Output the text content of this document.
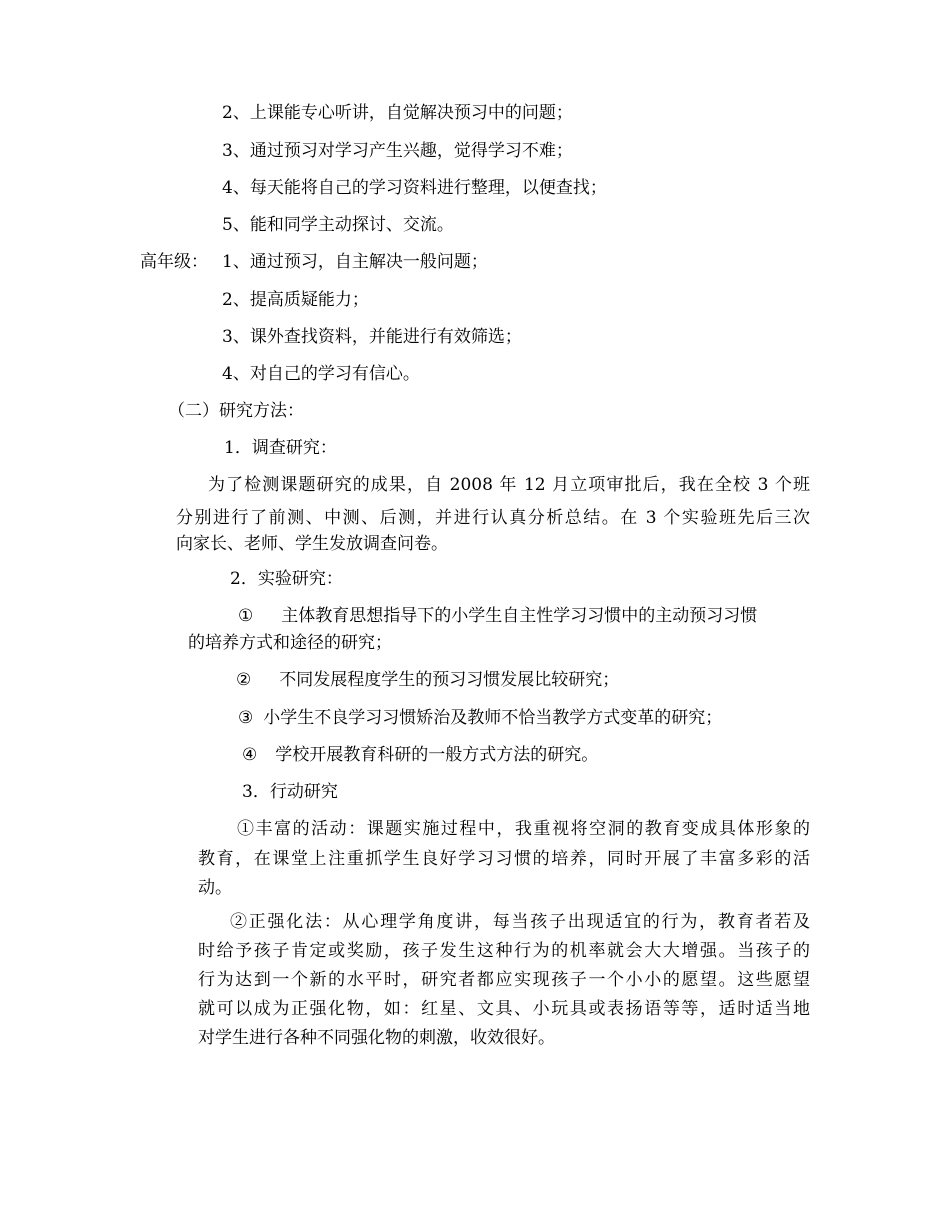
2、上课能专心听讲，自觉解决预习中的问题；

3、通过预习对学习产生兴趣，觉得学习不难；

4、每天能将自己的学习资料进行整理，以便查找；

5、能和同学主动探讨、交流。

高年级： 1、通过预习，自主解决一般问题；

2、提高质疑能力；

3、课外查找资料，并能进行有效筛选；

4、对自己的学习有信心。

（二）研究方法：

1．调查研究：

为了检测课题研究的成果，自 2008 年 12 月立项审批后，我在全校 3 个班

分别进行了前测、中测、后测，并进行认真分析总结。在 3 个实验班先后三次

向家长、老师、学生发放调查问卷。

2．实验研究：

① 主体教育思想指导下的小学生自主性学习习惯中的主动预习习惯

的培养方式和途径的研究；

② 不同发展程度学生的预习习惯发展比较研究；
③ 小学生不良学习习惯矫治及教师不恰当教学方式变革的研究；
④ 学校开展教育科研的一般方式方法的研究。

3．行动研究

①丰富的活动：课题实施过程中，我重视将空洞的教育变成具体形象的

教育，在课堂上注重抓学生良好学习习惯的培养，同时开展了丰富多彩的活

动。

②正强化法：从心理学角度讲，每当孩子出现适宜的行为，教育者若及

时给予孩子肯定或奖励，孩子发生这种行为的机率就会大大增强。当孩子的

行为达到一个新的水平时，研究者都应实现孩子一个小小的愿望。这些愿望

就可以成为正强化物，如：红星、文具、小玩具或表扬语等等，适时适当地

对学生进行各种不同强化物的刺激，收效很好。
